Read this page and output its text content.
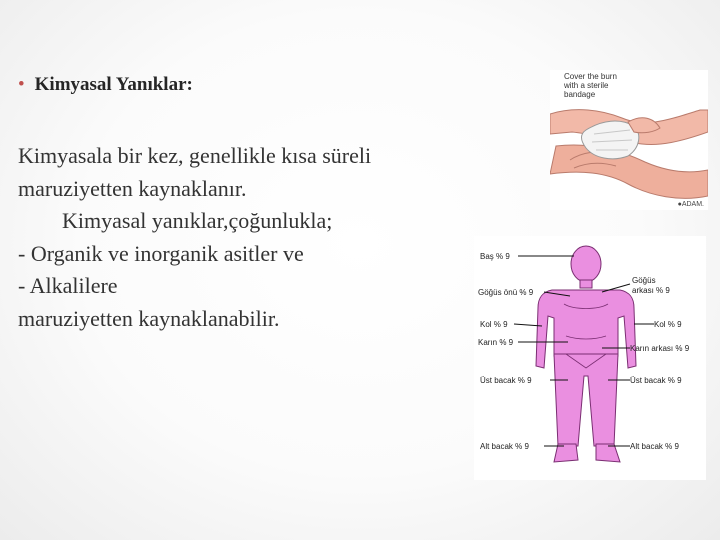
• Kimyasal Yanıklar:
Kimyasala bir kez, genellikle kısa süreli
maruziyetten kaynaklanır.
Kimyasal yanıklar,çoğunlukla;
- Organik ve inorganik asitler ve
- Alkalilere
maruziyetten kaynaklanabilir.
Cover the burn
with a sterile
bandage
●ADAM.
Baş % 9
Göğüs önü % 9
Kol % 9
Karın % 9
Üst bacak % 9
Alt bacak % 9
Göğüs
arkası % 9
Kol % 9
Karın arkası % 9
Üst bacak % 9
Alt bacak % 9
